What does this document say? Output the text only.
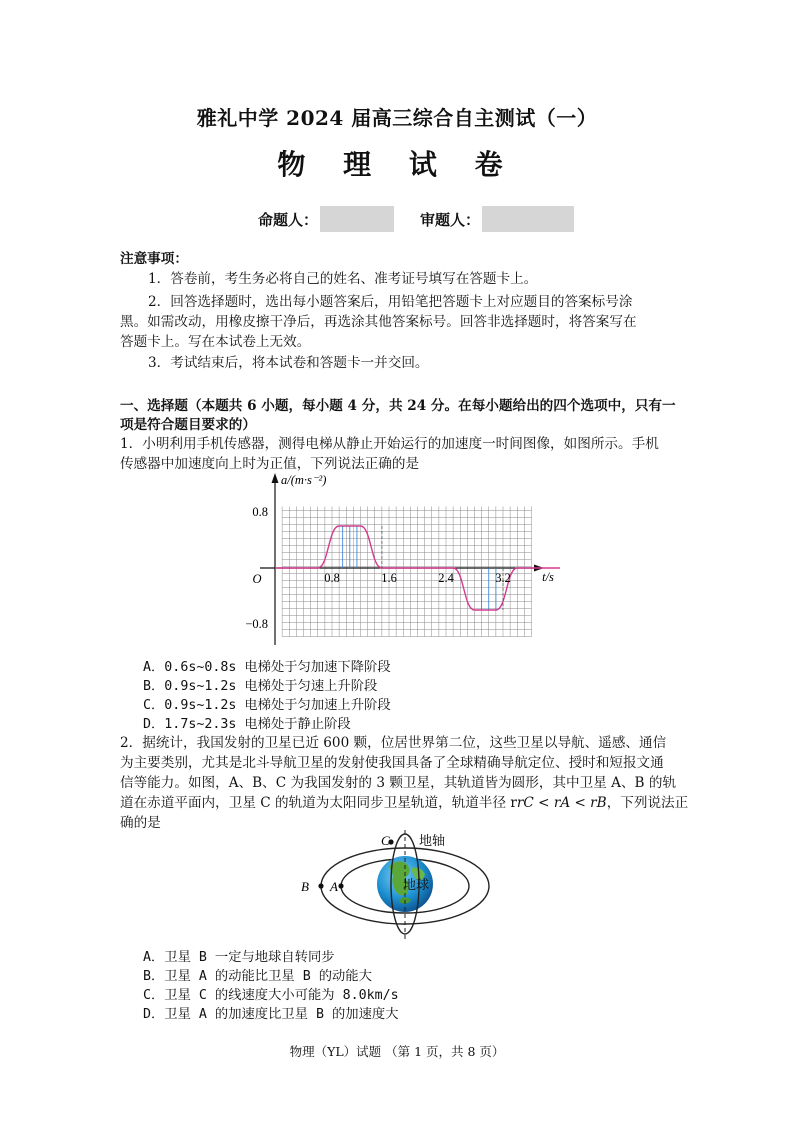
雅礼中学 2024 届高三综合自主测试（一）
物 理 试 卷
命题人：	审题人：
注意事项：
1．答卷前，考生务必将自己的姓名、准考证号填写在答题卡上。
2．回答选择题时，选出每小题答案后，用铅笔把答题卡上对应题目的答案标号涂
黑。如需改动，用橡皮擦干净后，再选涂其他答案标号。回答非选择题时，将答案写在
答题卡上。写在本试卷上无效。
3．考试结束后，将本试卷和答题卡一并交回。
一、选择题（本题共 6 小题，每小题 4 分，共 24 分。在每小题给出的四个选项中，只有一
项是符合题目要求的）
1．小明利用手机传感器，测得电梯从静止开始运行的加速度一时间图像，如图所示。手机
传感器中加速度向上时为正值，下列说法正确的是
0.8	1.6	2.4	3.2
0.8
−0.8
O	t/s
a/(m·s⁻²)
A．0.6s~0.8s 电梯处于匀加速下降阶段
B．0.9s~1.2s 电梯处于匀速上升阶段
C．0.9s~1.2s 电梯处于匀加速上升阶段
D．1.7s~2.3s 电梯处于静止阶段
2．据统计，我国发射的卫星已近 600 颗，位居世界第二位，这些卫星以导航、遥感、通信
为主要类别，尤其是北斗导航卫星的发射使我国具备了全球精确导航定位、授时和短报文通
信等能力。如图，A、B、C 为我国发射的 3 颗卫星，其轨道皆为圆形，其中卫星 A、B 的轨
道在赤道平面内，卫星 C 的轨道为太阳同步卫星轨道，轨道半径 rrC < rA < rB，下列说法正
确的是
C 地轴
B A	地球
A．卫星 B 一定与地球自转同步
B．卫星 A 的动能比卫星 B 的动能大
C．卫星 C 的线速度大小可能为 8.0km/s
D．卫星 A 的加速度比卫星 B 的加速度大
物理（YL）试题 （第 1 页，共 8 页）
